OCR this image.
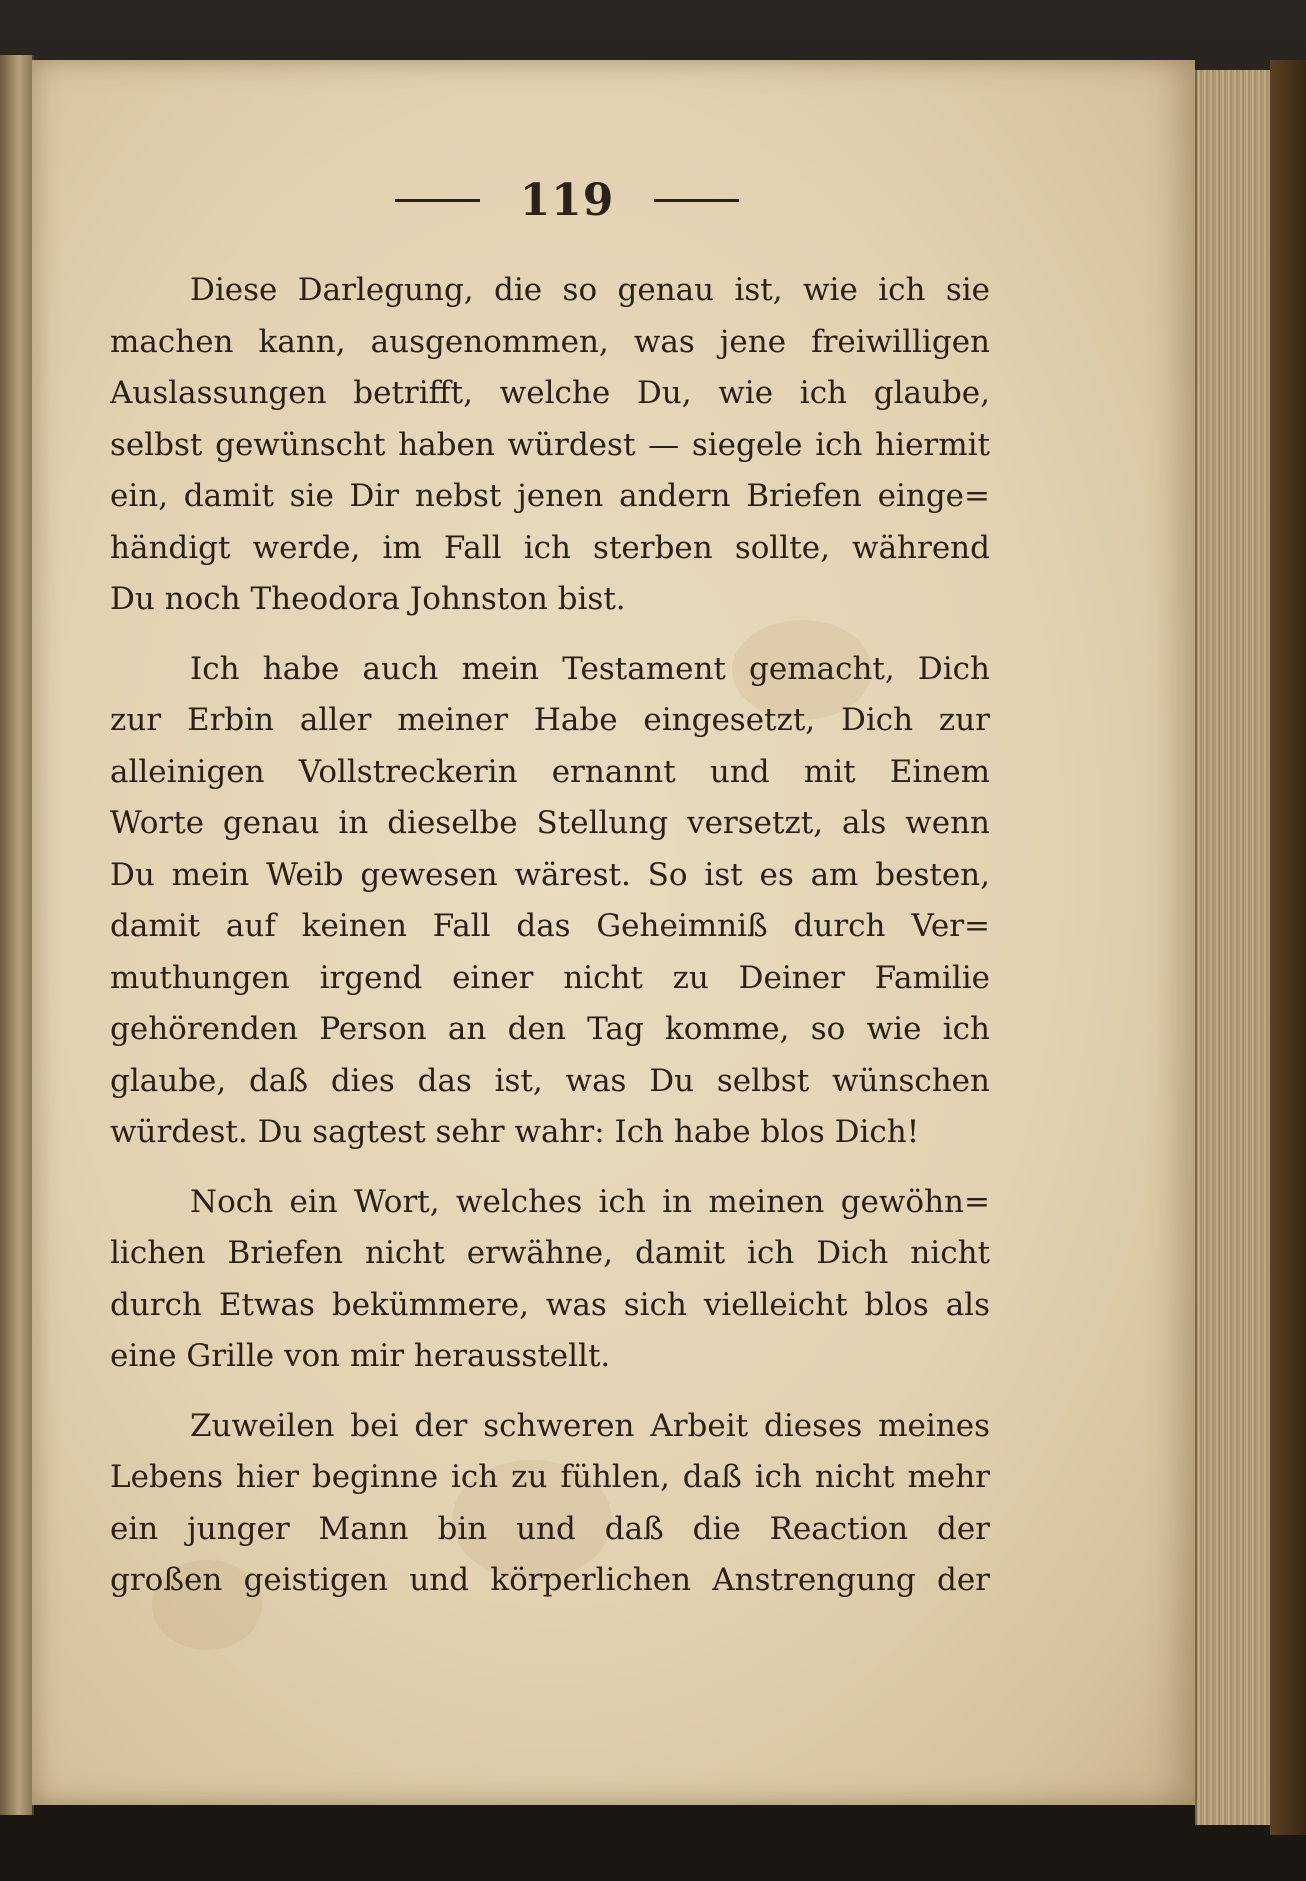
119

Diese Darlegung, die so genau ist, wie ich sie
machen kann, ausgenommen, was jene freiwilligen
Auslassungen betrifft, welche Du, wie ich glaube,
selbst gewünscht haben würdest — siegele ich hiermit
ein, damit sie Dir nebst jenen andern Briefen einge=
händigt werde, im Fall ich sterben sollte, während
Du noch Theodora Johnston bist.

Ich habe auch mein Testament gemacht, Dich
zur Erbin aller meiner Habe eingesetzt, Dich zur
alleinigen Vollstreckerin ernannt und mit Einem
Worte genau in dieselbe Stellung versetzt, als wenn
Du mein Weib gewesen wärest. So ist es am besten,
damit auf keinen Fall das Geheimniß durch Ver=
muthungen irgend einer nicht zu Deiner Familie
gehörenden Person an den Tag komme, so wie ich
glaube, daß dies das ist, was Du selbst wünschen
würdest. Du sagtest sehr wahr: Ich habe blos Dich!

Noch ein Wort, welches ich in meinen gewöhn=
lichen Briefen nicht erwähne, damit ich Dich nicht
durch Etwas bekümmere, was sich vielleicht blos als
eine Grille von mir herausstellt.

Zuweilen bei der schweren Arbeit dieses meines
Lebens hier beginne ich zu fühlen, daß ich nicht mehr
ein junger Mann bin und daß die Reaction der
großen geistigen und körperlichen Anstrengung der
